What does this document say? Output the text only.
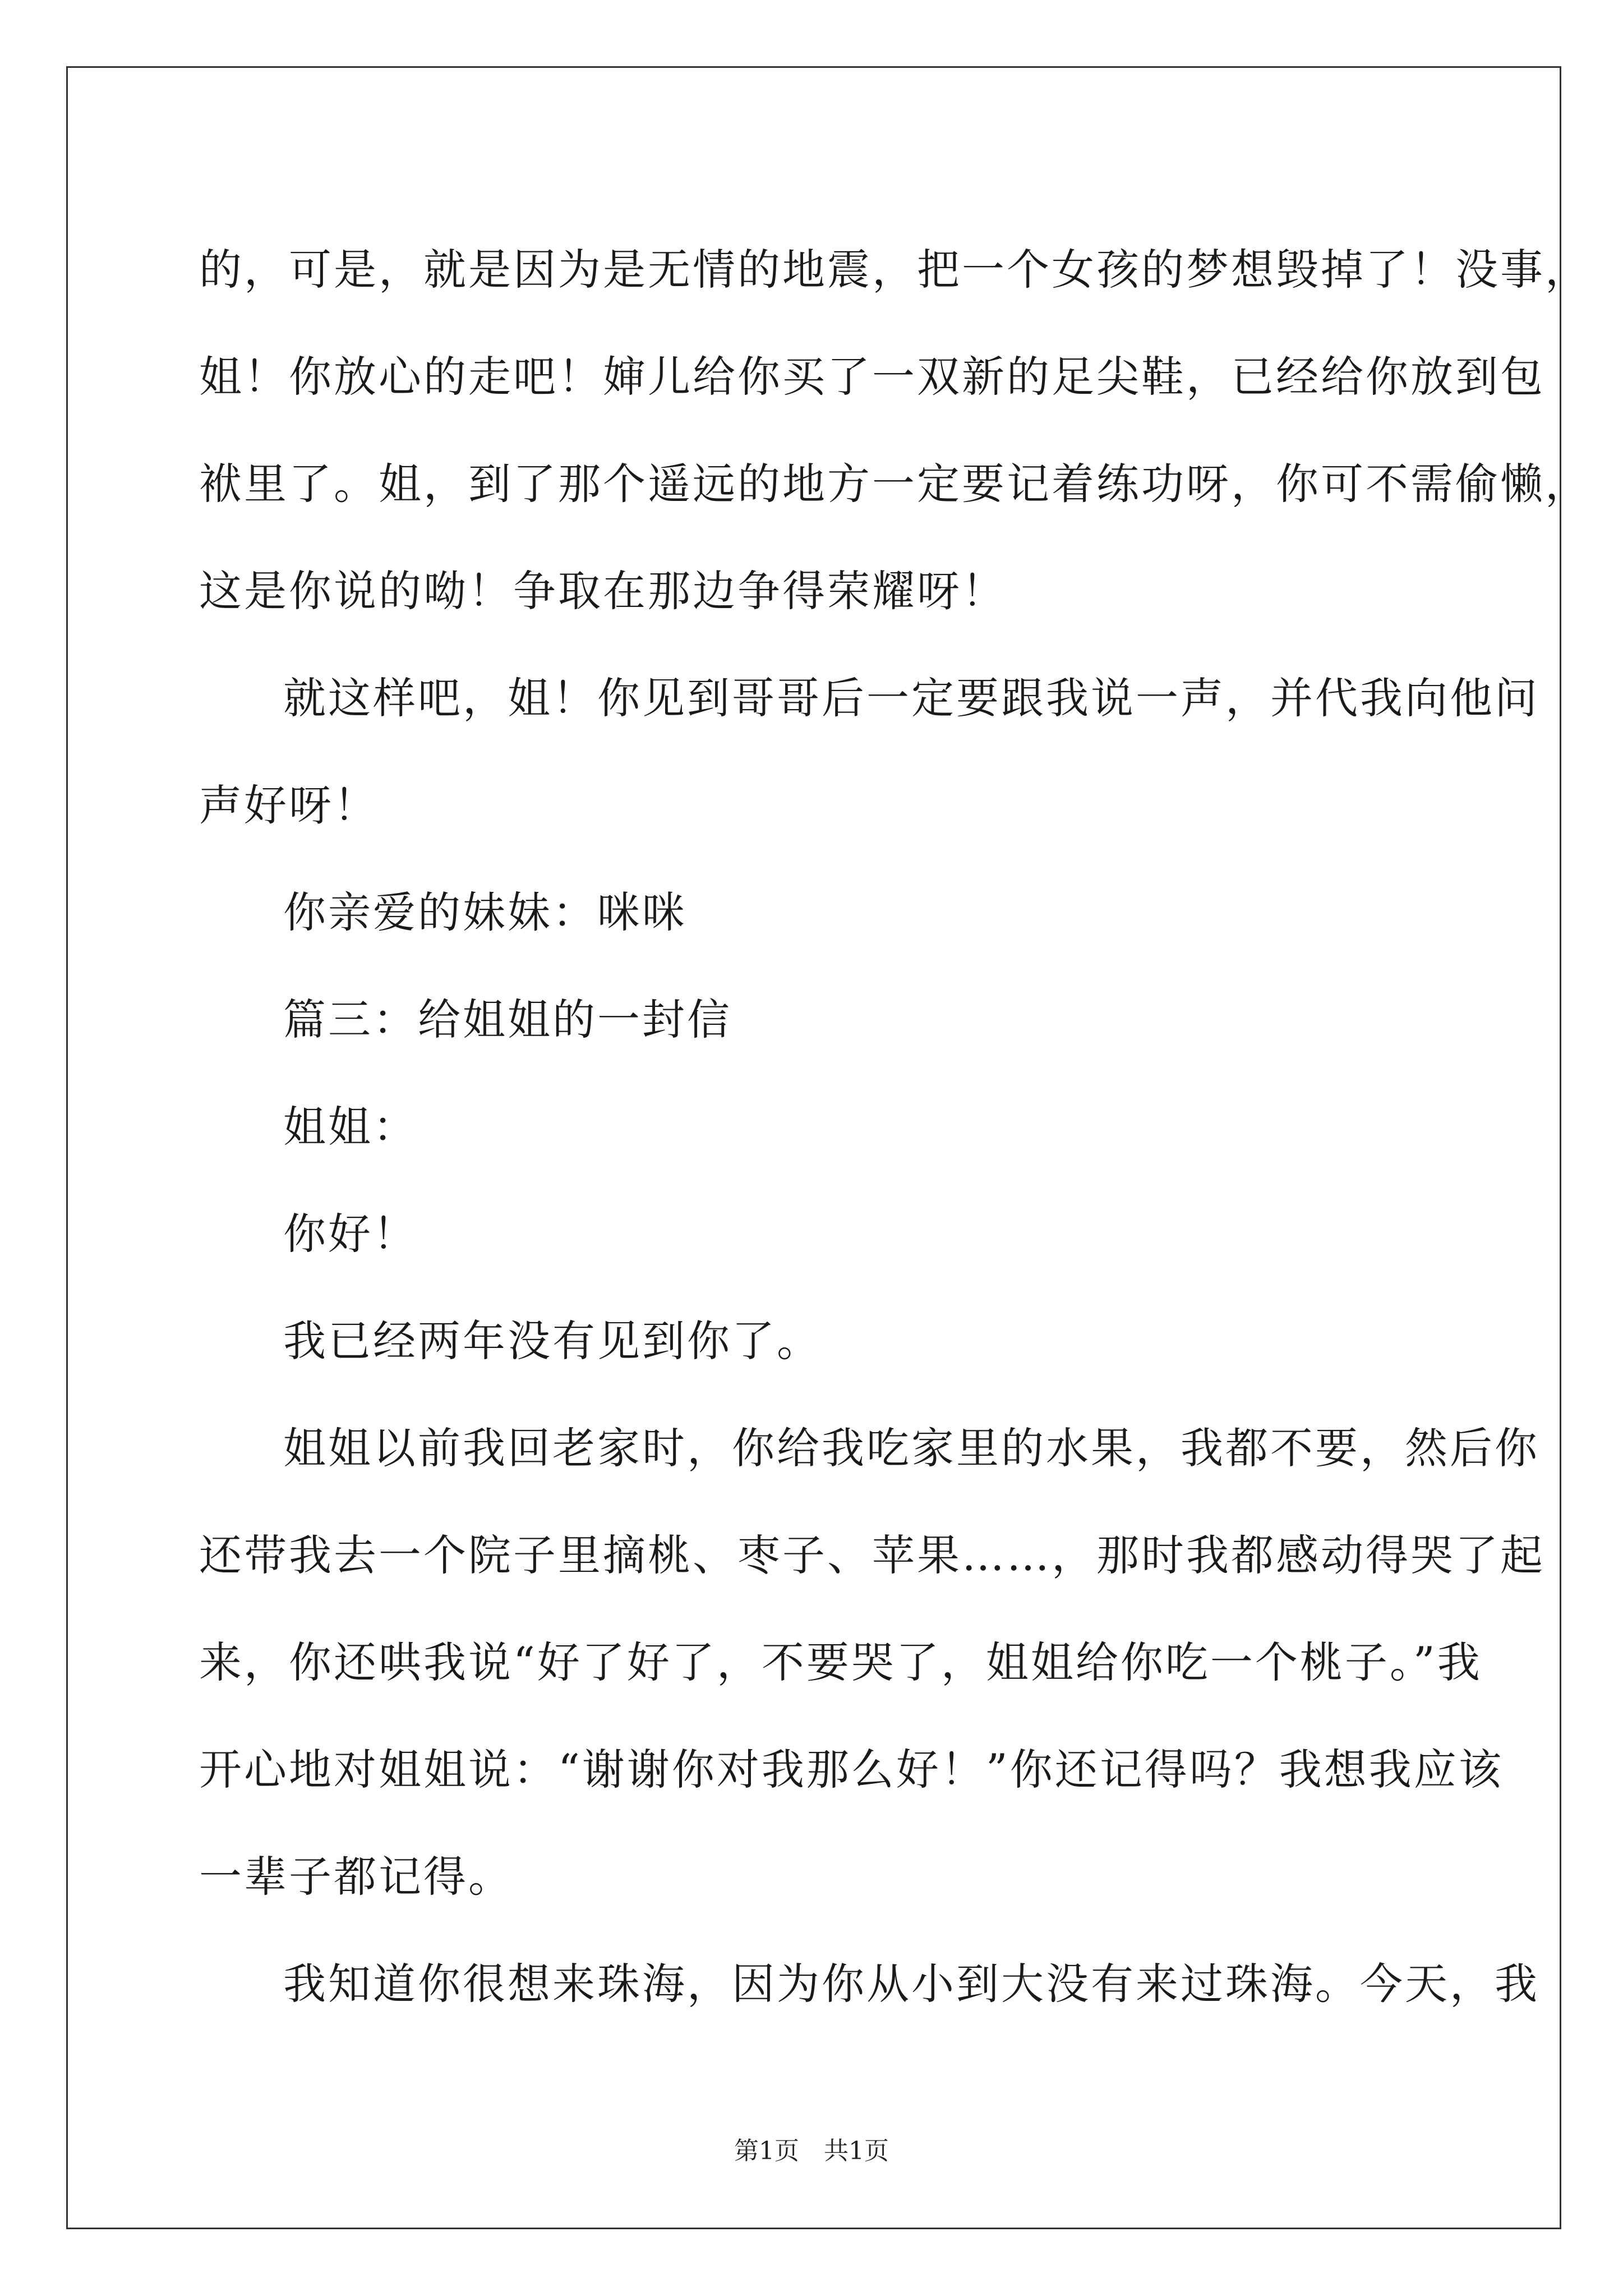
的，可是，就是因为是无情的地震，把一个女孩的梦想毁掉了！没事，

姐！你放心的走吧！婶儿给你买了一双新的足尖鞋，已经给你放到包

袱里了。姐，到了那个遥远的地方一定要记着练功呀，你可不需偷懒，

这是你说的呦！争取在那边争得荣耀呀！

就这样吧，姐！你见到哥哥后一定要跟我说一声，并代我向他问

声好呀！

你亲爱的妹妹：咪咪

篇三：给姐姐的一封信

姐姐：

你好！

我已经两年没有见到你了。

姐姐以前我回老家时，你给我吃家里的水果，我都不要，然后你

还带我去一个院子里摘桃、枣子、苹果……，那时我都感动得哭了起

来，你还哄我说“好了好了，不要哭了，姐姐给你吃一个桃子。”我

开心地对姐姐说：“谢谢你对我那么好！”你还记得吗？我想我应该

一辈子都记得。

我知道你很想来珠海，因为你从小到大没有来过珠海。今天，我

第1页　共1页
